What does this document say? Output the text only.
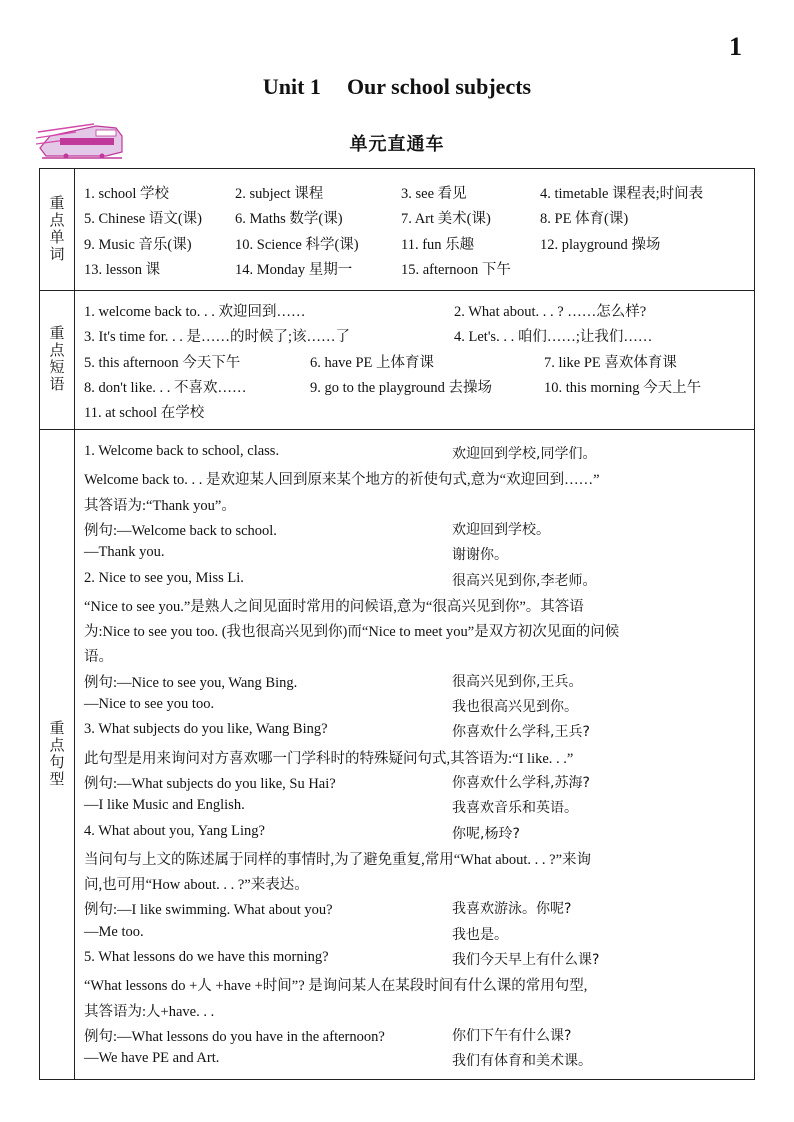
1
Unit 1 Our school subjects
单元直通车
重
点
单
词
1. school 学校	2. subject 课程	3. see 看见	4. timetable 课程表;时间表
5. Chinese 语文(课) 6. Maths 数学(课)	7. Art 美术(课)	8. PE 体育(课)
9. Music 音乐(课)	10. Science 科学(课)	11. fun 乐趣	12. playground 操场
13. lesson 课	14. Monday 星期一	15. afternoon 下午
重
点
短
语
1. welcome back to. . . 欢迎回到……	2. What about. . . ? ……怎么样?
3. It's time for. . . 是……的时候了;该……了	4. Let's. . . 咱们……;让我们……
5. this afternoon 今天下午	6. have PE 上体育课	7. like PE 喜欢体育课
8. don't like. . . 不喜欢……	9. go to the playground 去操场	10. this morning 今天上午
11. at school 在学校
重
点
句
型
1. Welcome back to school, class.	欢迎回到学校,同学们。
Welcome back to. . . 是欢迎某人回到原来某个地方的祈使句式,意为“欢迎回到……”
其答语为:“Thank you”。
例句:—Welcome back to school.	欢迎回到学校。
—Thank you.	谢谢你。
2. Nice to see you, Miss Li.	很高兴见到你,李老师。
“Nice to see you.”是熟人之间见面时常用的问候语,意为“很高兴见到你”。其答语
为:Nice to see you too. (我也很高兴见到你)而“Nice to meet you”是双方初次见面的问候
语。
例句:—Nice to see you, Wang Bing.	很高兴见到你,王兵。
—Nice to see you too.	我也很高兴见到你。
3. What subjects do you like, Wang Bing?	你喜欢什么学科,王兵?
此句型是用来询问对方喜欢哪一门学科时的特殊疑问句式,其答语为:“I like. . .”
例句:—What subjects do you like, Su Hai?	你喜欢什么学科,苏海?
—I like Music and English.	我喜欢音乐和英语。
4. What about you, Yang Ling?	你呢,杨玲?
当问句与上文的陈述属于同样的事情时,为了避免重复,常用“What about. . . ?”来询
问,也可用“How about. . . ?”来表达。
例句:—I like swimming. What about you?	我喜欢游泳。你呢?
—Me too.	我也是。
5. What lessons do we have this morning?	我们今天早上有什么课?
“What lessons do +人 +have +时间”? 是询问某人在某段时间有什么课的常用句型,
其答语为:人+have. . .
例句:—What lessons do you have in the afternoon?	你们下午有什么课?
—We have PE and Art.	我们有体育和美术课。
